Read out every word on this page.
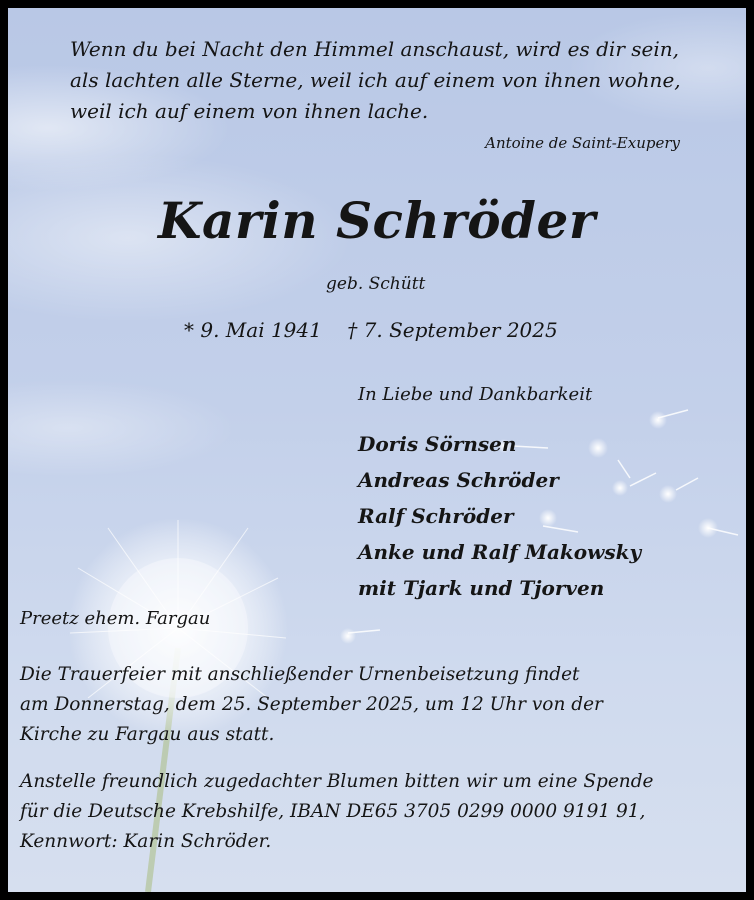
Wenn du bei Nacht den Himmel anschaust, wird es dir sein,
als lachten alle Sterne, weil ich auf einem von ihnen wohne,
weil ich auf einem von ihnen lache.

Antoine de Saint-Exupery

Karin Schröder

geb. Schütt

* 9. Mai 1941 † 7. September 2025

In Liebe und Dankbarkeit

Doris Sörnsen
Andreas Schröder
Ralf Schröder
Anke und Ralf Makowsky
mit Tjark und Tjorven

Preetz ehem. Fargau

Die Trauerfeier mit anschließender Urnenbeisetzung findet
am Donnerstag, dem 25. September 2025, um 12 Uhr von der
Kirche zu Fargau aus statt.

Anstelle freundlich zugedachter Blumen bitten wir um eine Spende
für die Deutsche Krebshilfe, IBAN DE65 3705 0299 0000 9191 91,
Kennwort: Karin Schröder.
